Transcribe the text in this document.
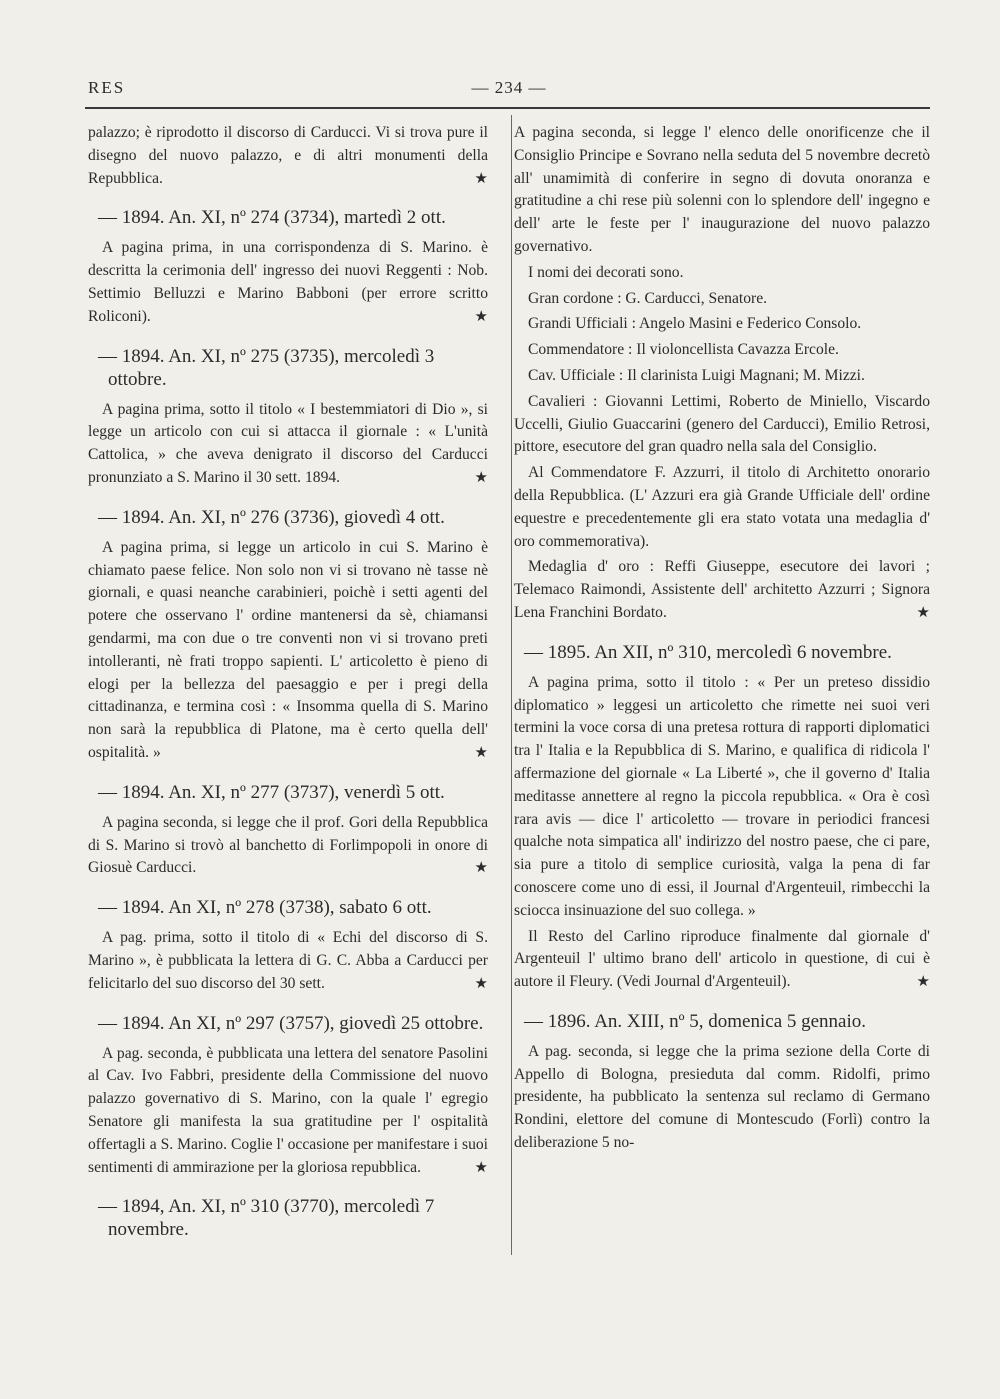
RES	— 234 —

palazzo; è riprodotto il discorso di Carducci. Vi si trova pure il disegno del nuovo palazzo, e di altri monumenti della Repubblica.	★

— 1894. An. XI, nº 274 (3734), martedì 2 ott.

A pagina prima, in una corrispondenza di S. Marino. è descritta la cerimonia dell' ingresso dei nuovi Reggenti : Nob. Settimio Belluzzi e Marino Babboni (per errore scritto Roliconi).	★

— 1894. An. XI, nº 275 (3735), mercoledì 3 ottobre.

A pagina prima, sotto il titolo « I bestemmiatori di Dio », si legge un articolo con cui si attacca il giornale : « L'unità Cattolica, » che aveva denigrato il discorso del Carducci pronunziato a S. Marino il 30 sett. 1894.	★

— 1894. An. XI, nº 276 (3736), giovedì 4 ott.

A pagina prima, si legge un articolo in cui S. Marino è chiamato paese felice. Non solo non vi si trovano nè tasse nè giornali, e quasi neanche carabinieri, poichè i setti agenti del potere che osservano l' ordine mantenersi da sè, chiamansi gendarmi, ma con due o tre conventi non vi si trovano preti intolleranti, nè frati troppo sapienti. L' articoletto è pieno di elogi per la bellezza del paesaggio e per i pregi della cittadinanza, e termina così : « Insomma quella di S. Marino non sarà la repubblica di Platone, ma è certo quella dell' ospitalità. »	★

— 1894. An. XI, nº 277 (3737), venerdì 5 ott.

A pagina seconda, si legge che il prof. Gori della Repubblica di S. Marino si trovò al banchetto di Forlimpopoli in onore di Giosuè Carducci.	★

— 1894. An XI, nº 278 (3738), sabato 6 ott.

A pag. prima, sotto il titolo di « Echi del discorso di S. Marino », è pubblicata la lettera di G. C. Abba a Carducci per felicitarlo del suo discorso del 30 sett.	★

— 1894. An XI, nº 297 (3757), giovedì 25 ottobre.

A pag. seconda, è pubblicata una lettera del senatore Pasolini al Cav. Ivo Fabbri, presidente della Commissione del nuovo palazzo governativo di S. Marino, con la quale l' egregio Senatore gli manifesta la sua gratitudine per l' ospitalità offertagli a S. Marino. Coglie l' occasione per manifestare i suoi sentimenti di ammirazione per la gloriosa repubblica.	★

— 1894, An. XI, nº 310 (3770), mercoledì 7 novembre.

A pagina seconda, si legge l' elenco delle onorificenze che il Consiglio Principe e Sovrano nella seduta del 5 novembre decretò all' unamimità di conferire in segno di dovuta onoranza e gratitudine a chi rese più solenni con lo splendore dell' ingegno e dell' arte le feste per l' inaugurazione del nuovo palazzo governativo.

I nomi dei decorati sono.

Gran cordone : G. Carducci, Senatore.

Grandi Ufficiali : Angelo Masini e Federico Consolo.

Commendatore : Il violoncellista Cavazza Ercole.

Cav. Ufficiale : Il clarinista Luigi Magnani; M. Mizzi.

Cavalieri : Giovanni Lettimi, Roberto de Miniello, Viscardo Uccelli, Giulio Guaccarini (genero del Carducci), Emilio Retrosi, pittore, esecutore del gran quadro nella sala del Consiglio.

Al Commendatore F. Azzurri, il titolo di Architetto onorario della Repubblica. (L' Azzuri era già Grande Ufficiale dell' ordine equestre e precedentemente gli era stato votata una medaglia d' oro commemorativa).

Medaglia d' oro : Reffi Giuseppe, esecutore dei lavori ; Telemaco Raimondi, Assistente dell' architetto Azzurri ; Signora Lena Franchini Bordato.	★

— 1895. An XII, nº 310, mercoledì 6 novembre.

A pagina prima, sotto il titolo : « Per un preteso dissidio diplomatico » leggesi un articoletto che rimette nei suoi veri termini la voce corsa di una pretesa rottura di rapporti diplomatici tra l' Italia e la Repubblica di S. Marino, e qualifica di ridicola l' affermazione del giornale « La Liberté », che il governo d' Italia meditasse annettere al regno la piccola repubblica. « Ora è così rara avis — dice l' articoletto — trovare in periodici francesi qualche nota simpatica all' indirizzo del nostro paese, che ci pare, sia pure a titolo di semplice curiosità, valga la pena di far conoscere come uno di essi, il Journal d'Argenteuil, rimbecchi la sciocca insinuazione del suo collega. »

Il Resto del Carlino riproduce finalmente dal giornale d' Argenteuil l' ultimo brano dell' articolo in questione, di cui è autore il Fleury. (Vedi Journal d'Argenteuil).	★

— 1896. An. XIII, nº 5, domenica 5 gennaio.

A pag. seconda, si legge che la prima sezione della Corte di Appello di Bologna, presieduta dal comm. Ridolfi, primo presidente, ha pubblicato la sentenza sul reclamo di Germano Rondini, elettore del comune di Montescudo (Forlì) contro la deliberazione 5 no-
